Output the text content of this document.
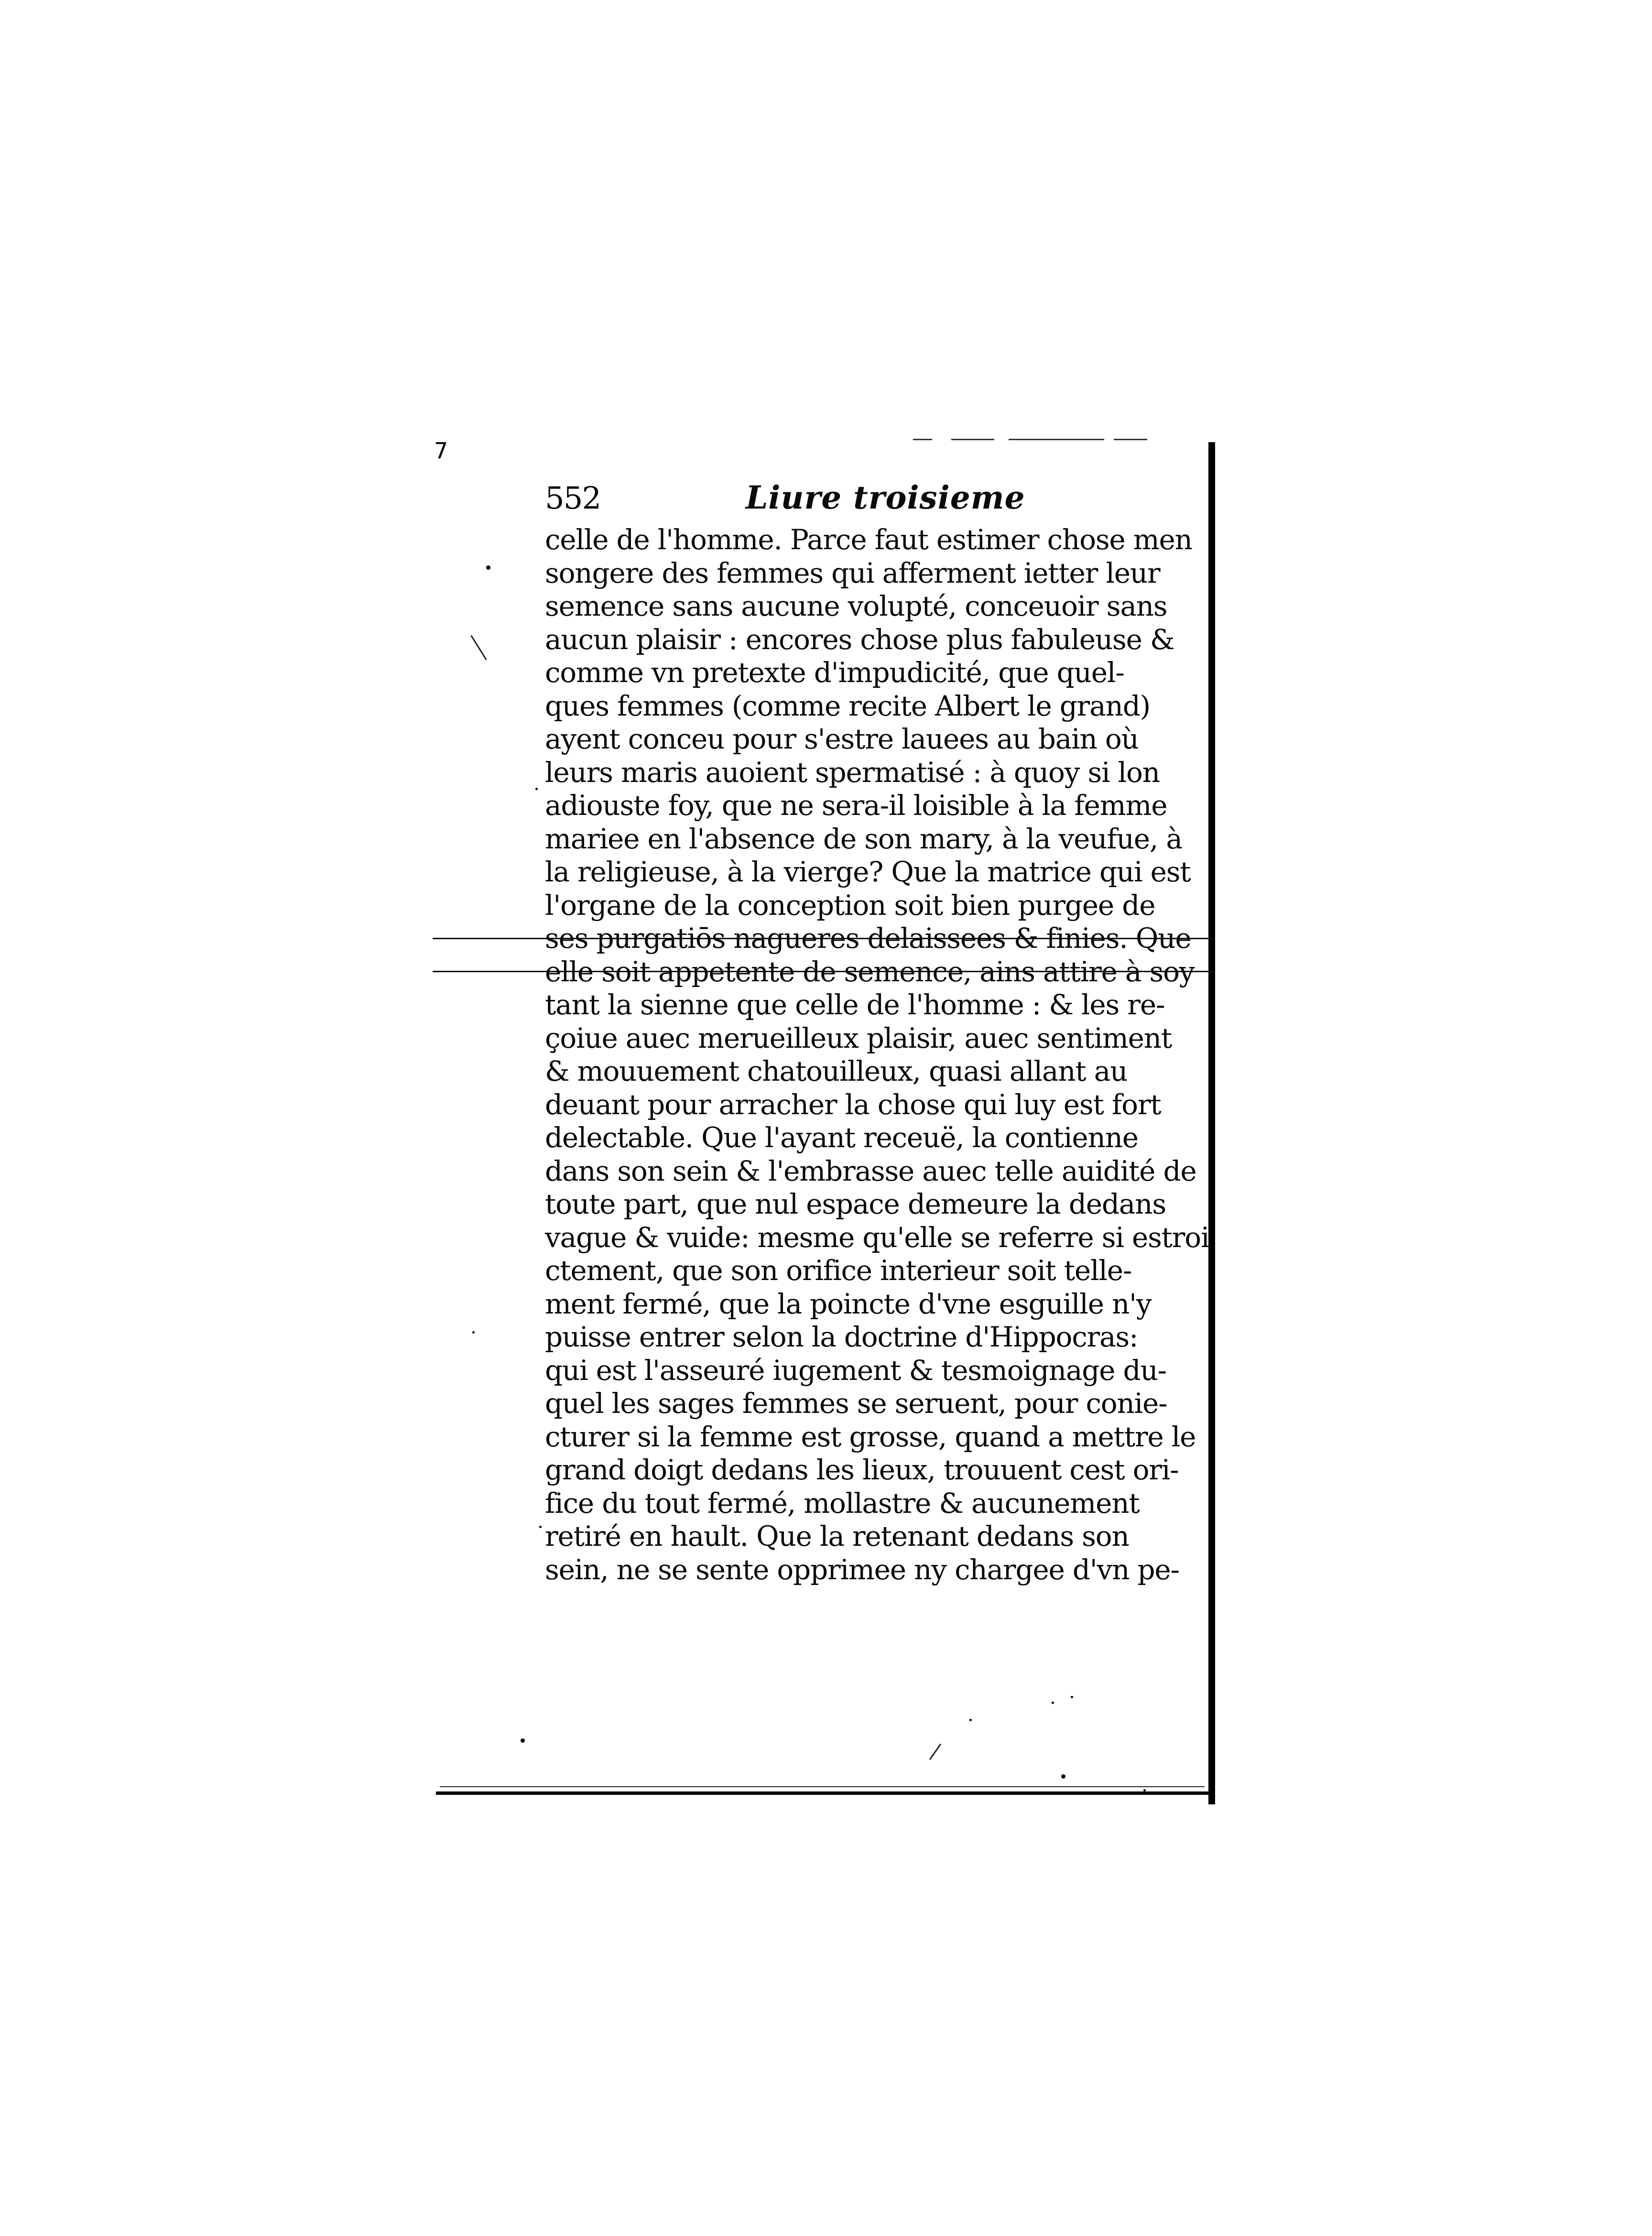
7
552	Liure troisieme
celle de l'homme. Parce faut estimer chose men
songere des femmes qui afferment ietter leur
semence sans aucune volupté, conceuoir sans
aucun plaisir : encores chose plus fabuleuse &
comme vn pretexte d'impudicité, que quel-
ques femmes (comme recite Albert le grand)
ayent conceu pour s'estre lauees au bain où
leurs maris auoient spermatisé : à quoy si lon
adiouste foy, que ne sera-il loisible à la femme
mariee en l'absence de son mary, à la veufue, à
la religieuse, à la vierge? Que la matrice qui est
l'organe de la conception soit bien purgee de
ses purgatiōs nagueres delaissees & finies. Que
elle soit appetente de semence, ains attire à soy
tant la sienne que celle de l'homme : & les re-
çoiue auec merueilleux plaisir, auec sentiment
& mouuement chatouilleux, quasi allant au
deuant pour arracher la chose qui luy est fort
delectable. Que l'ayant receuë, la contienne
dans son sein & l'embrasse auec telle auidité de
toute part, que nul espace demeure la dedans
vague & vuide: mesme qu'elle se referre si estroi
ctement, que son orifice interieur soit telle-
ment fermé, que la poincte d'vne esguille n'y
puisse entrer selon la doctrine d'Hippocras:
qui est l'asseuré iugement & tesmoignage du-
quel les sages femmes se seruent, pour conie-
cturer si la femme est grosse, quand a mettre le
grand doigt dedans les lieux, trouuent cest ori-
fice du tout fermé, mollastre & aucunement
retiré en hault. Que la retenant dedans son
sein, ne se sente opprimee ny chargee d'vn pe-
